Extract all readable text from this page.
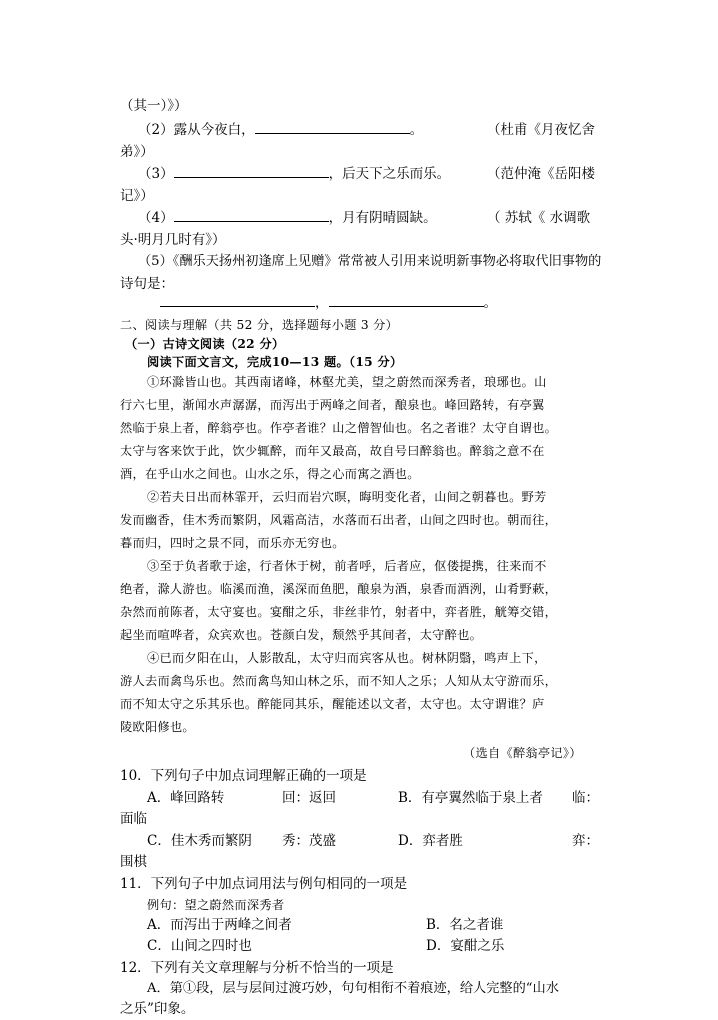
（其一）》）
（2）露从今夜白，	。	（杜甫《月夜忆舍
弟》）
（3）	，后天下之乐而乐。	（范仲淹《岳阳楼
记》）
（4）	，月有阴晴圆缺。	（ 苏轼《 水调歌
头·明月几时有》）
（5）《酬乐天扬州初逢席上见赠》常常被人引用来说明新事物必将取代旧事物的
诗句是：
，	。
二、阅读与理解（共 52 分，选择题每小题 3 分）
（一）古诗文阅读（22 分）
阅读下面文言文，完成10—13 题。（15 分）
①环滁皆山也。其西南诸峰，林壑尤美，望之蔚然而深秀者，琅琊也。山
行六七里，渐闻水声潺潺，而泻出于两峰之间者，酿泉也。峰回路转，有亭翼
然临于泉上者，醉翁亭也。作亭者谁？山之僧智仙也。名之者谁？太守自谓也。
太守与客来饮于此，饮少辄醉，而年又最高，故自号曰醉翁也。醉翁之意不在
酒，在乎山水之间也。山水之乐，得之心而寓之酒也。
②若夫日出而林霏开，云归而岩穴暝，晦明变化者，山间之朝暮也。野芳
发而幽香，佳木秀而繁阴，风霜高洁，水落而石出者，山间之四时也。朝而往，
暮而归，四时之景不同，而乐亦无穷也。
③至于负者歌于途，行者休于树，前者呼，后者应，伛偻提携，往来而不
绝者，滁人游也。临溪而渔，溪深而鱼肥，酿泉为酒，泉香而酒洌，山肴野蔌，
杂然而前陈者，太守宴也。宴酣之乐，非丝非竹，射者中，弈者胜，觥筹交错，
起坐而喧哗者，众宾欢也。苍颜白发，颓然乎其间者，太守醉也。
④已而夕阳在山，人影散乱，太守归而宾客从也。树林阴翳，鸣声上下，
游人去而禽鸟乐也。然而禽鸟知山林之乐，而不知人之乐；人知从太守游而乐，
而不知太守之乐其乐也。醉能同其乐，醒能述以文者，太守也。太守谓谁？庐
陵欧阳修也。
（选自《醉翁亭记》）
10．下列句子中加点词理解正确的一项是
A．峰回路转	回：返回	B．有亭翼然临于泉上者 临：
面临
C．佳木秀而繁阴 秀：茂盛	D．弈者胜	弈：
围棋
11．下列句子中加点词用法与例句相同的一项是
例句：望之蔚然而深秀者
A．而泻出于两峰之间者	B．名之者谁
C．山间之四时也	D．宴酣之乐
12．下列有关文章理解与分析不恰当的一项是
A．第①段，层与层间过渡巧妙，句句相衔不着痕迹，给人完整的“山水
之乐”印象。
